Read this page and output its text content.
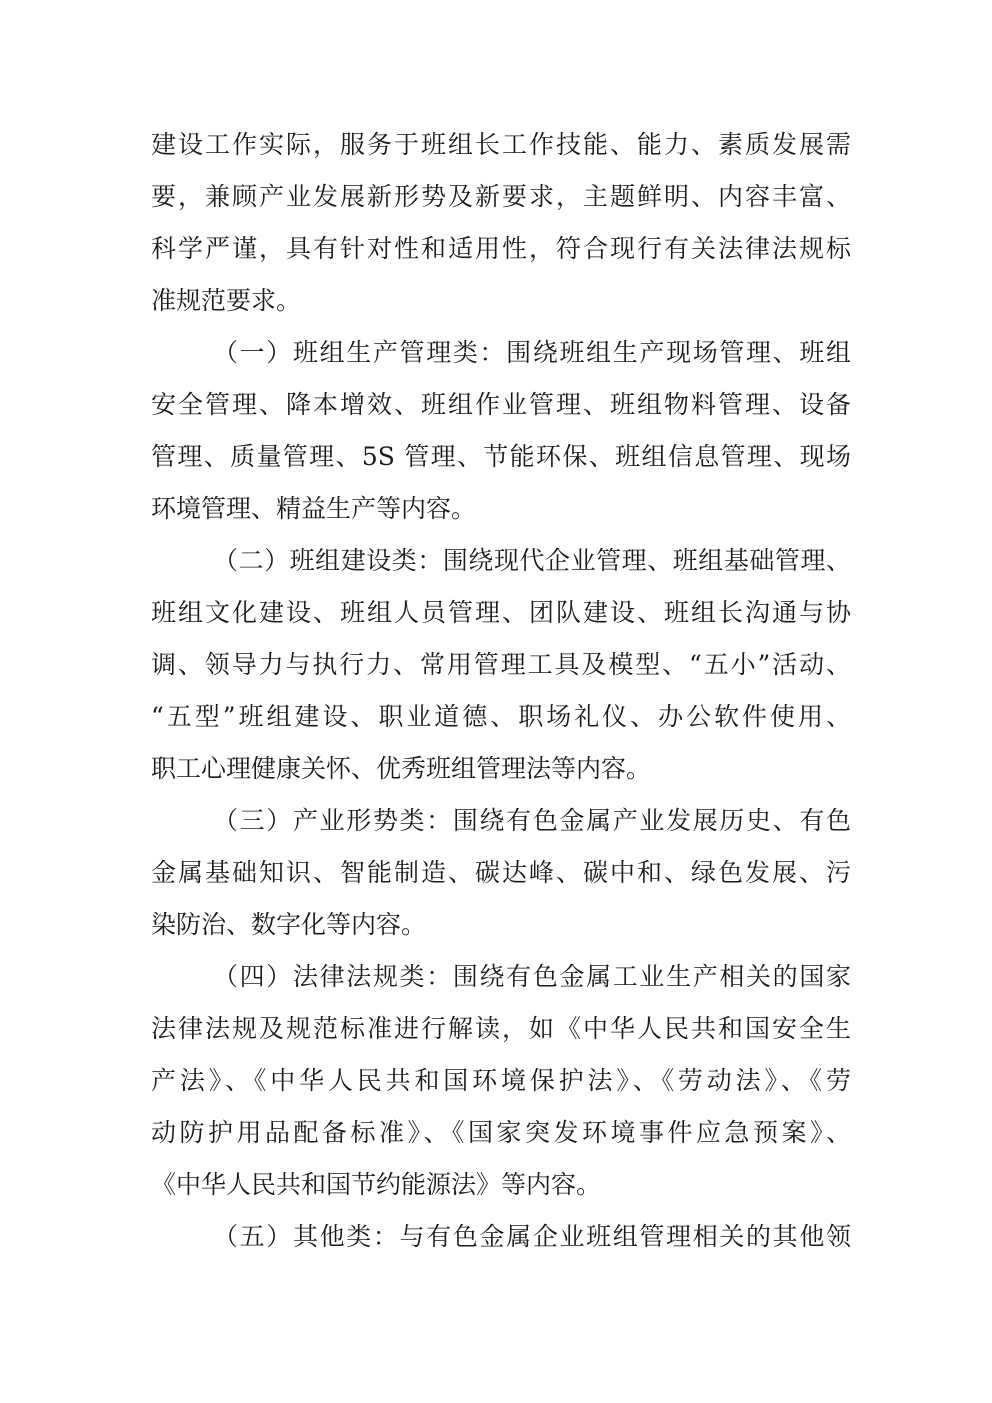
建设工作实际，服务于班组长工作技能、能力、素质发展需
要，兼顾产业发展新形势及新要求，主题鲜明、内容丰富、
科学严谨，具有针对性和适用性，符合现行有关法律法规标
准规范要求。
（一）班组生产管理类：围绕班组生产现场管理、班组
安全管理、降本增效、班组作业管理、班组物料管理、设备
管理、质量管理、5S 管理、节能环保、班组信息管理、现场
环境管理、精益生产等内容。
（二）班组建设类：围绕现代企业管理、班组基础管理、
班组文化建设、班组人员管理、团队建设、班组长沟通与协
调、领导力与执行力、常用管理工具及模型、“五小”活动、
“五型”班组建设、职业道德、职场礼仪、办公软件使用、
职工心理健康关怀、优秀班组管理法等内容。
（三）产业形势类：围绕有色金属产业发展历史、有色
金属基础知识、智能制造、碳达峰、碳中和、绿色发展、污
染防治、数字化等内容。
（四）法律法规类：围绕有色金属工业生产相关的国家
法律法规及规范标准进行解读，如《中华人民共和国安全生
产法》、《中华人民共和国环境保护法》、《劳动法》、《劳
动防护用品配备标准》、《国家突发环境事件应急预案》、
《中华人民共和国节约能源法》等内容。
（五）其他类：与有色金属企业班组管理相关的其他领
